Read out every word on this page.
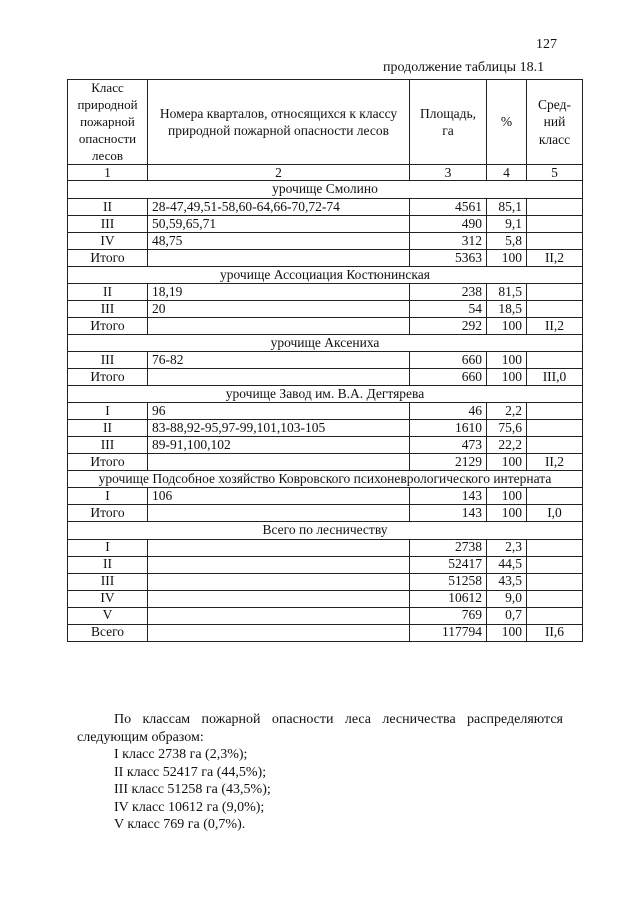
127
продолжение таблицы 18.1
Класс природной пожарной опасности лесов	Номера кварталов, относящихся к классу природной пожарной опасности лесов	Площадь, га	%	Сред-ний класс
1	2	3	4	5
урочище Смолино				
II	28-47,49,51-58,60-64,66-70,72-74	4561	85,1	
III	50,59,65,71	490	9,1	
IV	48,75	312	5,8	
Итого		5363	100	II,2
урочище Ассоциация Костюнинская				
II	18,19	238	81,5	
III	20	54	18,5	
Итого		292	100	II,2
урочище Аксениха				
III	76-82	660	100	
Итого		660	100	III,0
урочище Завод им. В.А. Дегтярева				
I	96	46	2,2	
II	83-88,92-95,97-99,101,103-105	1610	75,6	
III	89-91,100,102	473	22,2	
Итого		2129	100	II,2
урочище Подсобное хозяйство Ковровского психоневрологического интерната				
I	106	143	100	
Итого		143	100	I,0
Всего по лесничеству				
I		2738	2,3	
II		52417	44,5	
III		51258	43,5	
IV		10612	9,0	
V		769	0,7	
Всего		117794	100	II,6

По классам пожарной опасности леса лесничества распределяются следующим образом:

I класс 2738 га (2,3%);
II класс 52417 га (44,5%);
III класс 51258 га (43,5%);
IV класс 10612 га (9,0%);
V класс 769 га (0,7%).
